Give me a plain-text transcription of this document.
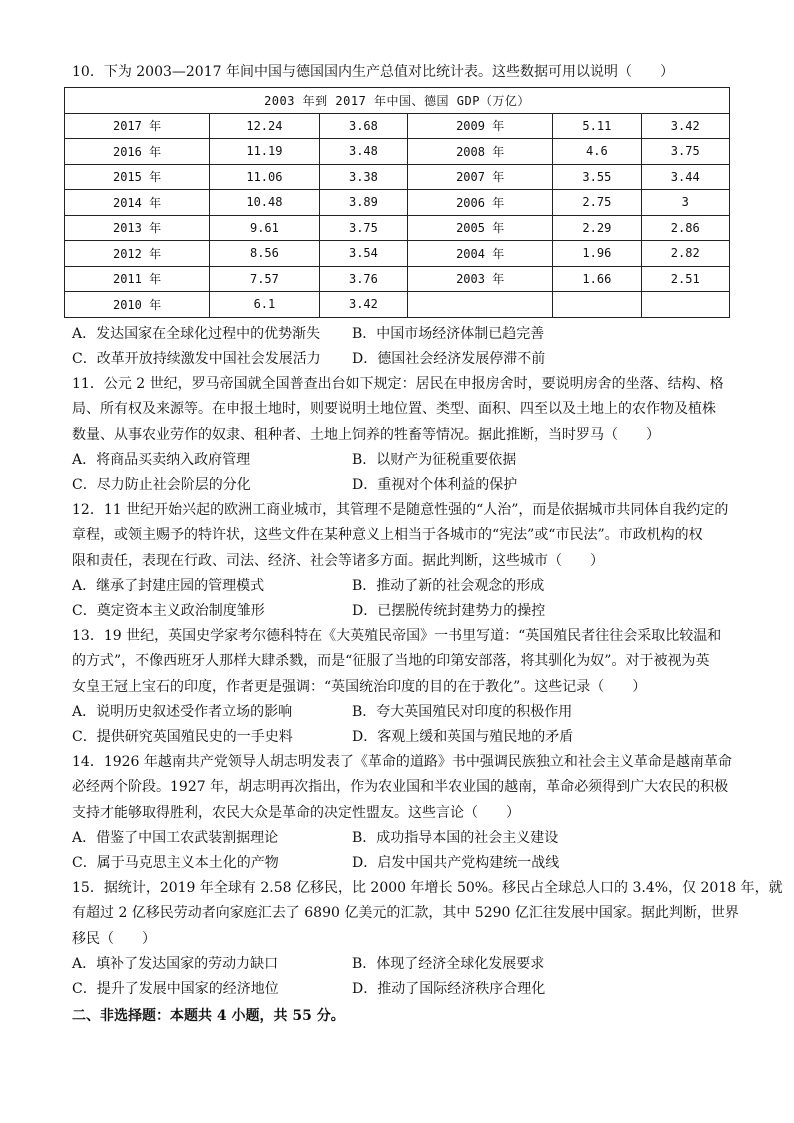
10．下为 2003—2017 年间中国与德国国内生产总值对比统计表。这些数据可用以说明（　　）
2003 年到 2017 年中国、德国 GDP（万亿）					
2017 年	12.24	3.68	2009 年	5.11	3.42
2016 年	11.19	3.48	2008 年	4.6	3.75
2015 年	11.06	3.38	2007 年	3.55	3.44
2014 年	10.48	3.89	2006 年	2.75	3
2013 年	9.61	3.75	2005 年	2.29	2.86
2012 年	8.56	3.54	2004 年	1.96	2.82
2011 年	7.57	3.76	2003 年	1.66	2.51
2010 年	6.1	3.42			
A．发达国家在全球化过程中的优势渐失	B．中国市场经济体制已趋完善
C．改革开放持续激发中国社会发展活力	D．德国社会经济发展停滞不前
11．公元 2 世纪，罗马帝国就全国普查出台如下规定：居民在申报房舍时，要说明房舍的坐落、结构、格
局、所有权及来源等。在申报土地时，则要说明土地位置、类型、面积、四至以及土地上的农作物及植株
数量、从事农业劳作的奴隶、租种者、土地上饲养的牲畜等情况。据此推断，当时罗马（　　）
A．将商品买卖纳入政府管理	B．以财产为征税重要依据
C．尽力防止社会阶层的分化	D．重视对个体利益的保护
12．11 世纪开始兴起的欧洲工商业城市，其管理不是随意性强的“人治”，而是依据城市共同体自我约定的
章程，或领主赐予的特许状，这些文件在某种意义上相当于各城市的“宪法”或“市民法”。市政机构的权
限和责任，表现在行政、司法、经济、社会等诸多方面。据此判断，这些城市（　　）
A．继承了封建庄园的管理模式	B．推动了新的社会观念的形成
C．奠定资本主义政治制度雏形	D．已摆脱传统封建势力的操控
13．19 世纪，英国史学家考尔德科特在《大英殖民帝国》一书里写道：“英国殖民者往往会采取比较温和
的方式”，不像西班牙人那样大肆杀戮，而是“征服了当地的印第安部落，将其驯化为奴”。对于被视为英
女皇王冠上宝石的印度，作者更是强调：“英国统治印度的目的在于教化”。这些记录（　　）
A．说明历史叙述受作者立场的影响	B．夸大英国殖民对印度的积极作用
C．提供研究英国殖民史的一手史料	D．客观上缓和英国与殖民地的矛盾
14．1926 年越南共产党领导人胡志明发表了《革命的道路》书中强调民族独立和社会主义革命是越南革命
必经两个阶段。1927 年，胡志明再次指出，作为农业国和半农业国的越南，革命必须得到广大农民的积极
支持才能够取得胜利，农民大众是革命的决定性盟友。这些言论（　　）
A．借鉴了中国工农武装割据理论	B．成功指导本国的社会主义建设
C．属于马克思主义本土化的产物	D．启发中国共产党构建统一战线
15．据统计，2019 年全球有 2.58 亿移民，比 2000 年增长 50%。移民占全球总人口的 3.4%，仅 2018 年，就
有超过 2 亿移民劳动者向家庭汇去了 6890 亿美元的汇款，其中 5290 亿汇往发展中国家。据此判断，世界
移民（　　）
A．填补了发达国家的劳动力缺口	B．体现了经济全球化发展要求
C．提升了发展中国家的经济地位	D．推动了国际经济秩序合理化
二、非选择题：本题共 4 小题，共 55 分。
